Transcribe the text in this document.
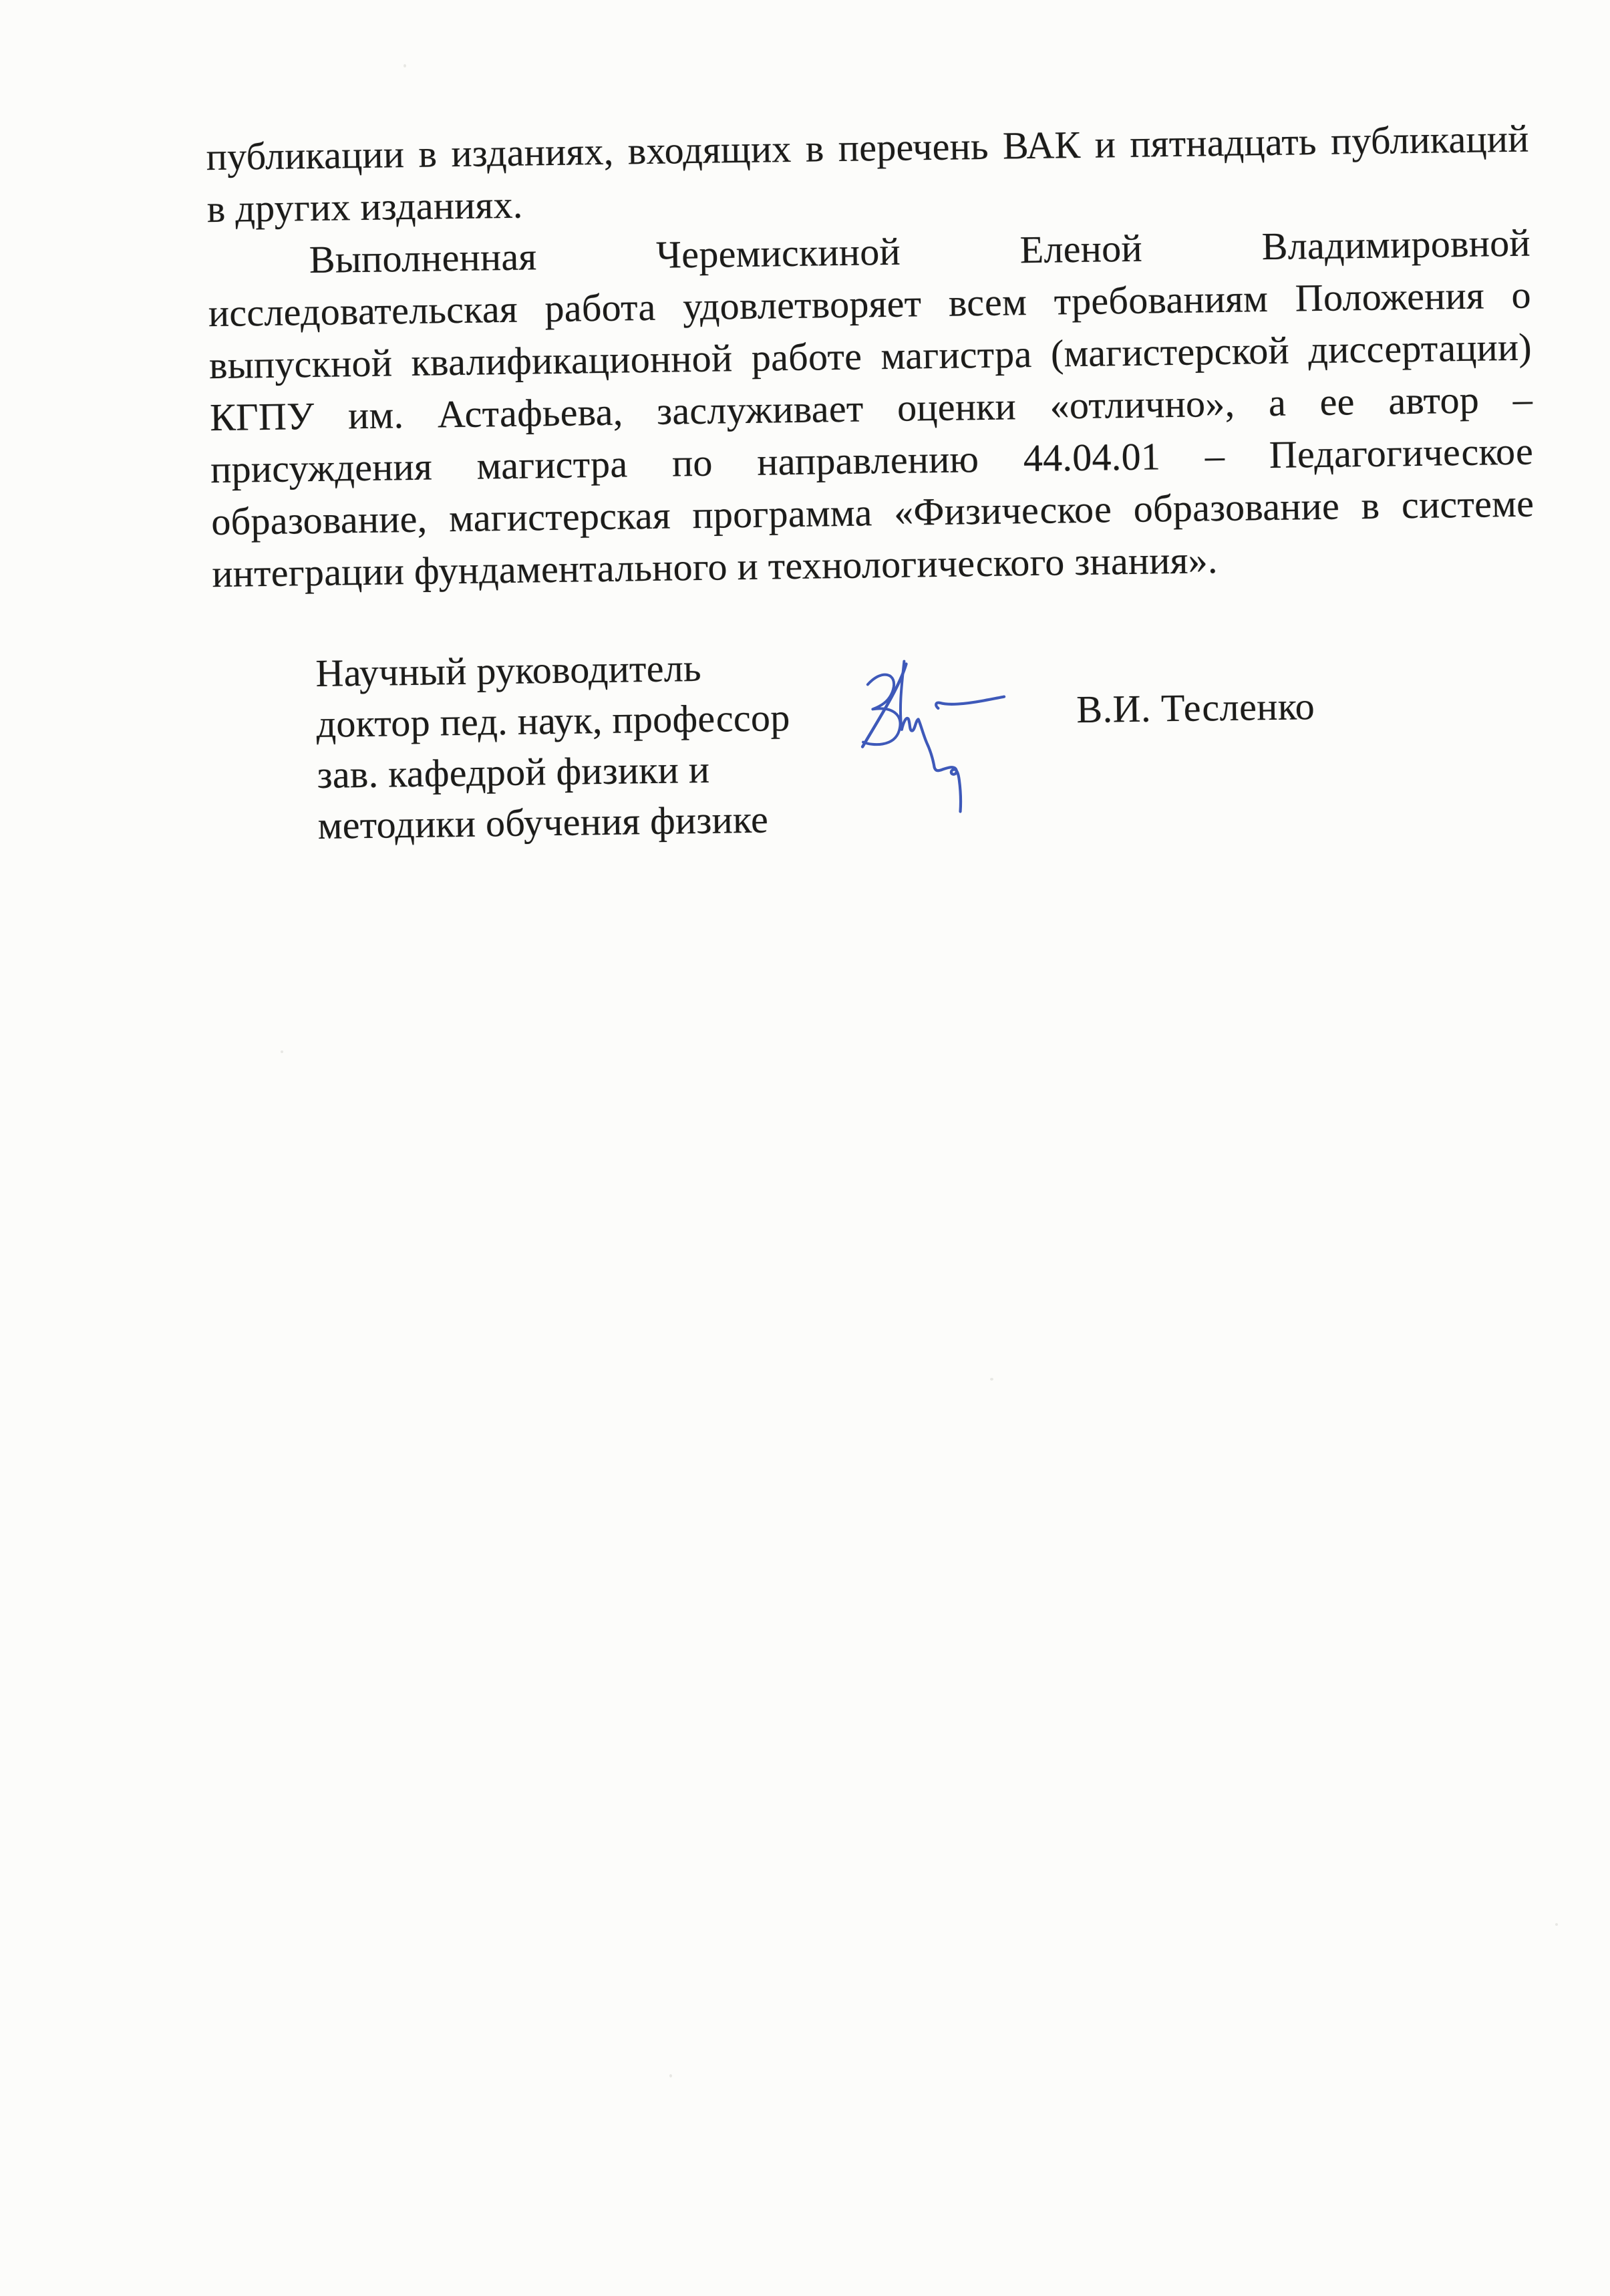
публикации в изданиях, входящих в перечень ВАК и пятнадцать публикаций
в других изданиях.
Выполненная Черемискиной Еленой Владимировной
исследовательская работа удовлетворяет всем требованиям Положения о
выпускной квалификационной работе магистра (магистерской диссертации)
КГПУ им. Астафьева, заслуживает оценки «отлично», а ее автор –
присуждения магистра по направлению 44.04.01 – Педагогическое
образование, магистерская программа «Физическое образование в системе
интеграции фундаментального и технологического знания».
Научный руководитель
доктор пед. наук, профессор
зав. кафедрой физики и
методики обучения физике
В.И. Тесленко
